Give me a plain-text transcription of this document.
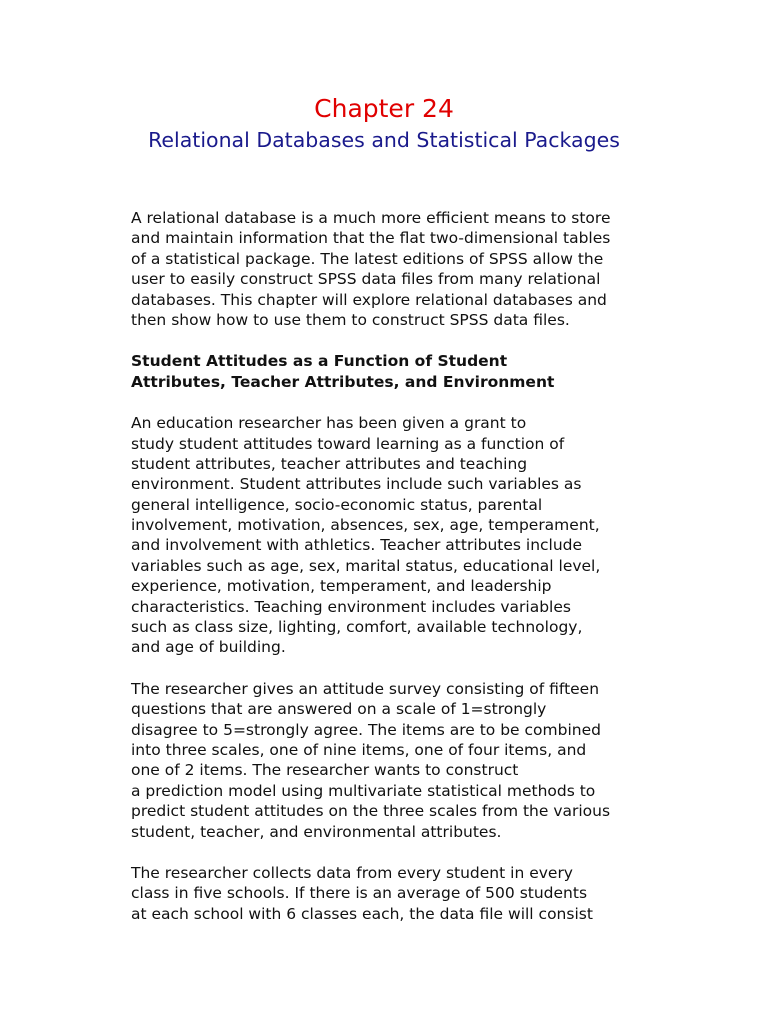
Chapter 24
Relational Databases and Statistical Packages
A relational database is a much more efficient means to store
and maintain information that the flat two-dimensional tables
of a statistical package. The latest editions of SPSS allow the
user to easily construct SPSS data files from many relational
databases. This chapter will explore relational databases and
then show how to use them to construct SPSS data files.
Student Attitudes as a Function of Student
Attributes, Teacher Attributes, and Environment
An education researcher has been given a grant to
study student attitudes toward learning as a function of
student attributes, teacher attributes and teaching
environment. Student attributes include such variables as
general intelligence, socio-economic status, parental
involvement, motivation, absences, sex, age, temperament,
and involvement with athletics. Teacher attributes include
variables such as age, sex, marital status, educational level,
experience, motivation, temperament, and leadership
characteristics. Teaching environment includes variables
such as class size, lighting, comfort, available technology,
and age of building.
The researcher gives an attitude survey consisting of fifteen
questions that are answered on a scale of 1=strongly
disagree to 5=strongly agree. The items are to be combined
into three scales, one of nine items, one of four items, and
one of 2 items. The researcher wants to construct
a prediction model using multivariate statistical methods to
predict student attitudes on the three scales from the various
student, teacher, and environmental attributes.
The researcher collects data from every student in every
class in five schools. If there is an average of 500 students
at each school with 6 classes each, the data file will consist
